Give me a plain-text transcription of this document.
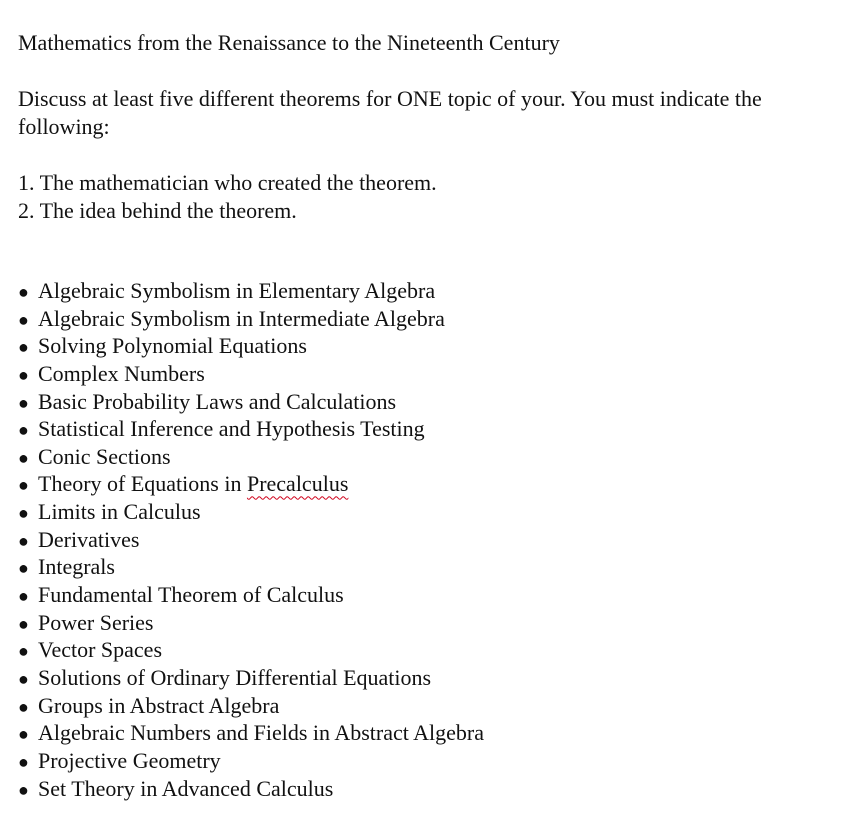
Mathematics from the Renaissance to the Nineteenth Century

Discuss at least five different theorems for ONE topic of your. You must indicate the following:

1. The mathematician who created the theorem.
2. The idea behind the theorem.
● Algebraic Symbolism in Elementary Algebra
● Algebraic Symbolism in Intermediate Algebra
● Solving Polynomial Equations
● Complex Numbers
● Basic Probability Laws and Calculations
● Statistical Inference and Hypothesis Testing
● Conic Sections
● Theory of Equations in Precalculus
● Limits in Calculus
● Derivatives
● Integrals
● Fundamental Theorem of Calculus
● Power Series
● Vector Spaces
● Solutions of Ordinary Differential Equations
● Groups in Abstract Algebra
● Algebraic Numbers and Fields in Abstract Algebra
● Projective Geometry
● Set Theory in Advanced Calculus
